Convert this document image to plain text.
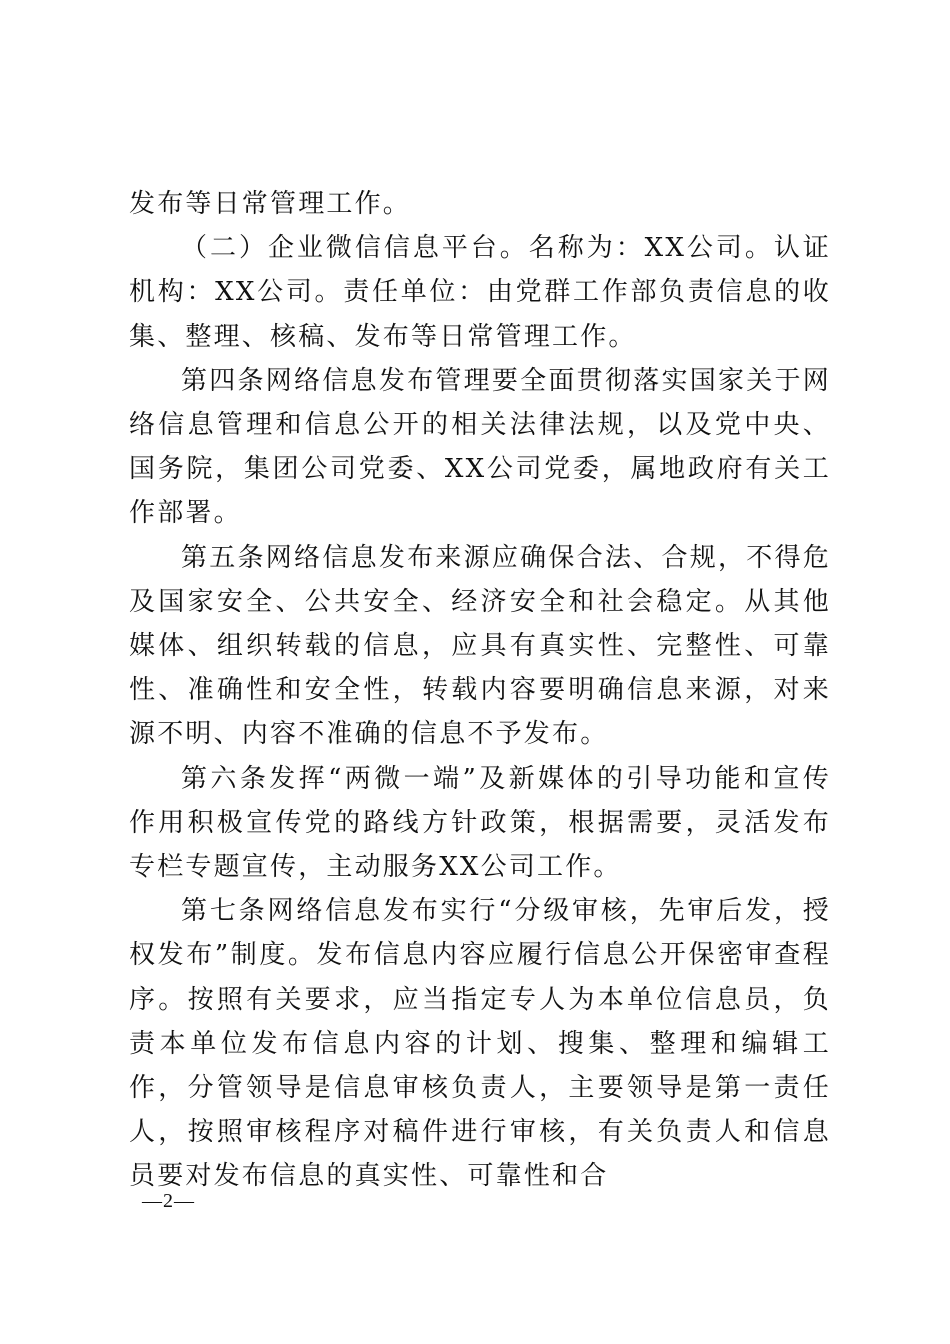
发布等日常管理工作。

（二）企业微信信息平台。名称为：XX公司。认证机构：XX公司。责任单位：由党群工作部负责信息的收集、整理、核稿、发布等日常管理工作。

第四条网络信息发布管理要全面贯彻落实国家关于网络信息管理和信息公开的相关法律法规，以及党中央、国务院，集团公司党委、XX公司党委，属地政府有关工作部署。

第五条网络信息发布来源应确保合法、合规，不得危及国家安全、公共安全、经济安全和社会稳定。从其他媒体、组织转载的信息，应具有真实性、完整性、可靠性、准确性和安全性，转载内容要明确信息来源，对来源不明、内容不准确的信息不予发布。

第六条发挥“两微一端”及新媒体的引导功能和宣传作用积极宣传党的路线方针政策，根据需要，灵活发布专栏专题宣传，主动服务XX公司工作。

第七条网络信息发布实行“分级审核，先审后发，授权发布”制度。发布信息内容应履行信息公开保密审查程序。按照有关要求，应当指定专人为本单位信息员，负责本单位发布信息内容的计划、搜集、整理和编辑工作，分管领导是信息审核负责人，主要领导是第一责任人，按照审核程序对稿件进行审核，有关负责人和信息员要对发布信息的真实性、可靠性和合

—2—
